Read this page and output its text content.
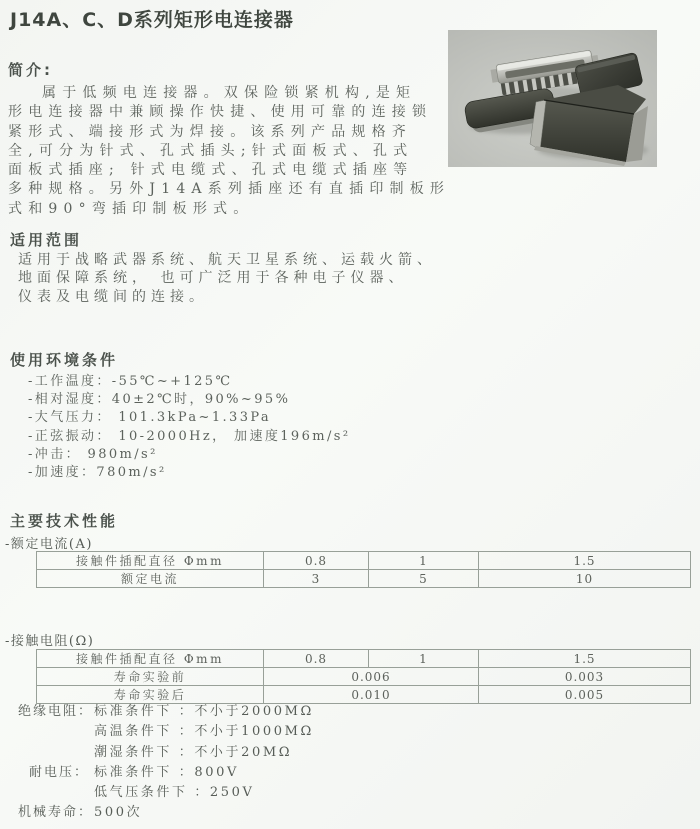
J14A、C、D系列矩形电连接器
简介:
属于低频电连接器。双保险锁紧机构,是矩
形电连接器中兼顾操作快捷、使用可靠的连接锁
紧形式、端接形式为焊接。该系列产品规格齐
全,可分为针式、孔式插头;针式面板式、孔式
面板式插座; 针式电缆式、孔式电缆式插座等
多种规格。另外J14A系列插座还有直插印制板形
式和90°弯插印制板形式。
适用范围
适用于战略武器系统、航天卫星系统、运载火箭、
地面保障系统， 也可广泛用于各种电子仪器、
仪表及电缆间的连接。
使用环境条件
-工作温度：-55℃~+125℃
-相对湿度：40±2℃时，90%~95%
-大气压力： 101.3kPa~1.33Pa
-正弦振动： 10-2000Hz， 加速度196m/s²
-冲击： 980m/s²
-加速度：780m/s²
主要技术性能
-额定电流(A)
接触件插配直径 Φmm	0.8	1	1.5
额定电流	3	5	10
-接触电阻(Ω)
接触件插配直径 Φmm	0.8	1	1.5
寿命实验前	0.006		0.003
寿命实验后	0.010		0.005
绝缘电阻： 标准条件下 ：不小于2000MΩ
高温条件下 ：不小于1000MΩ
潮湿条件下 ：不小于20MΩ
耐电压： 标准条件下 ：800V
低气压条件下 ：250V
机械寿命： 500次
